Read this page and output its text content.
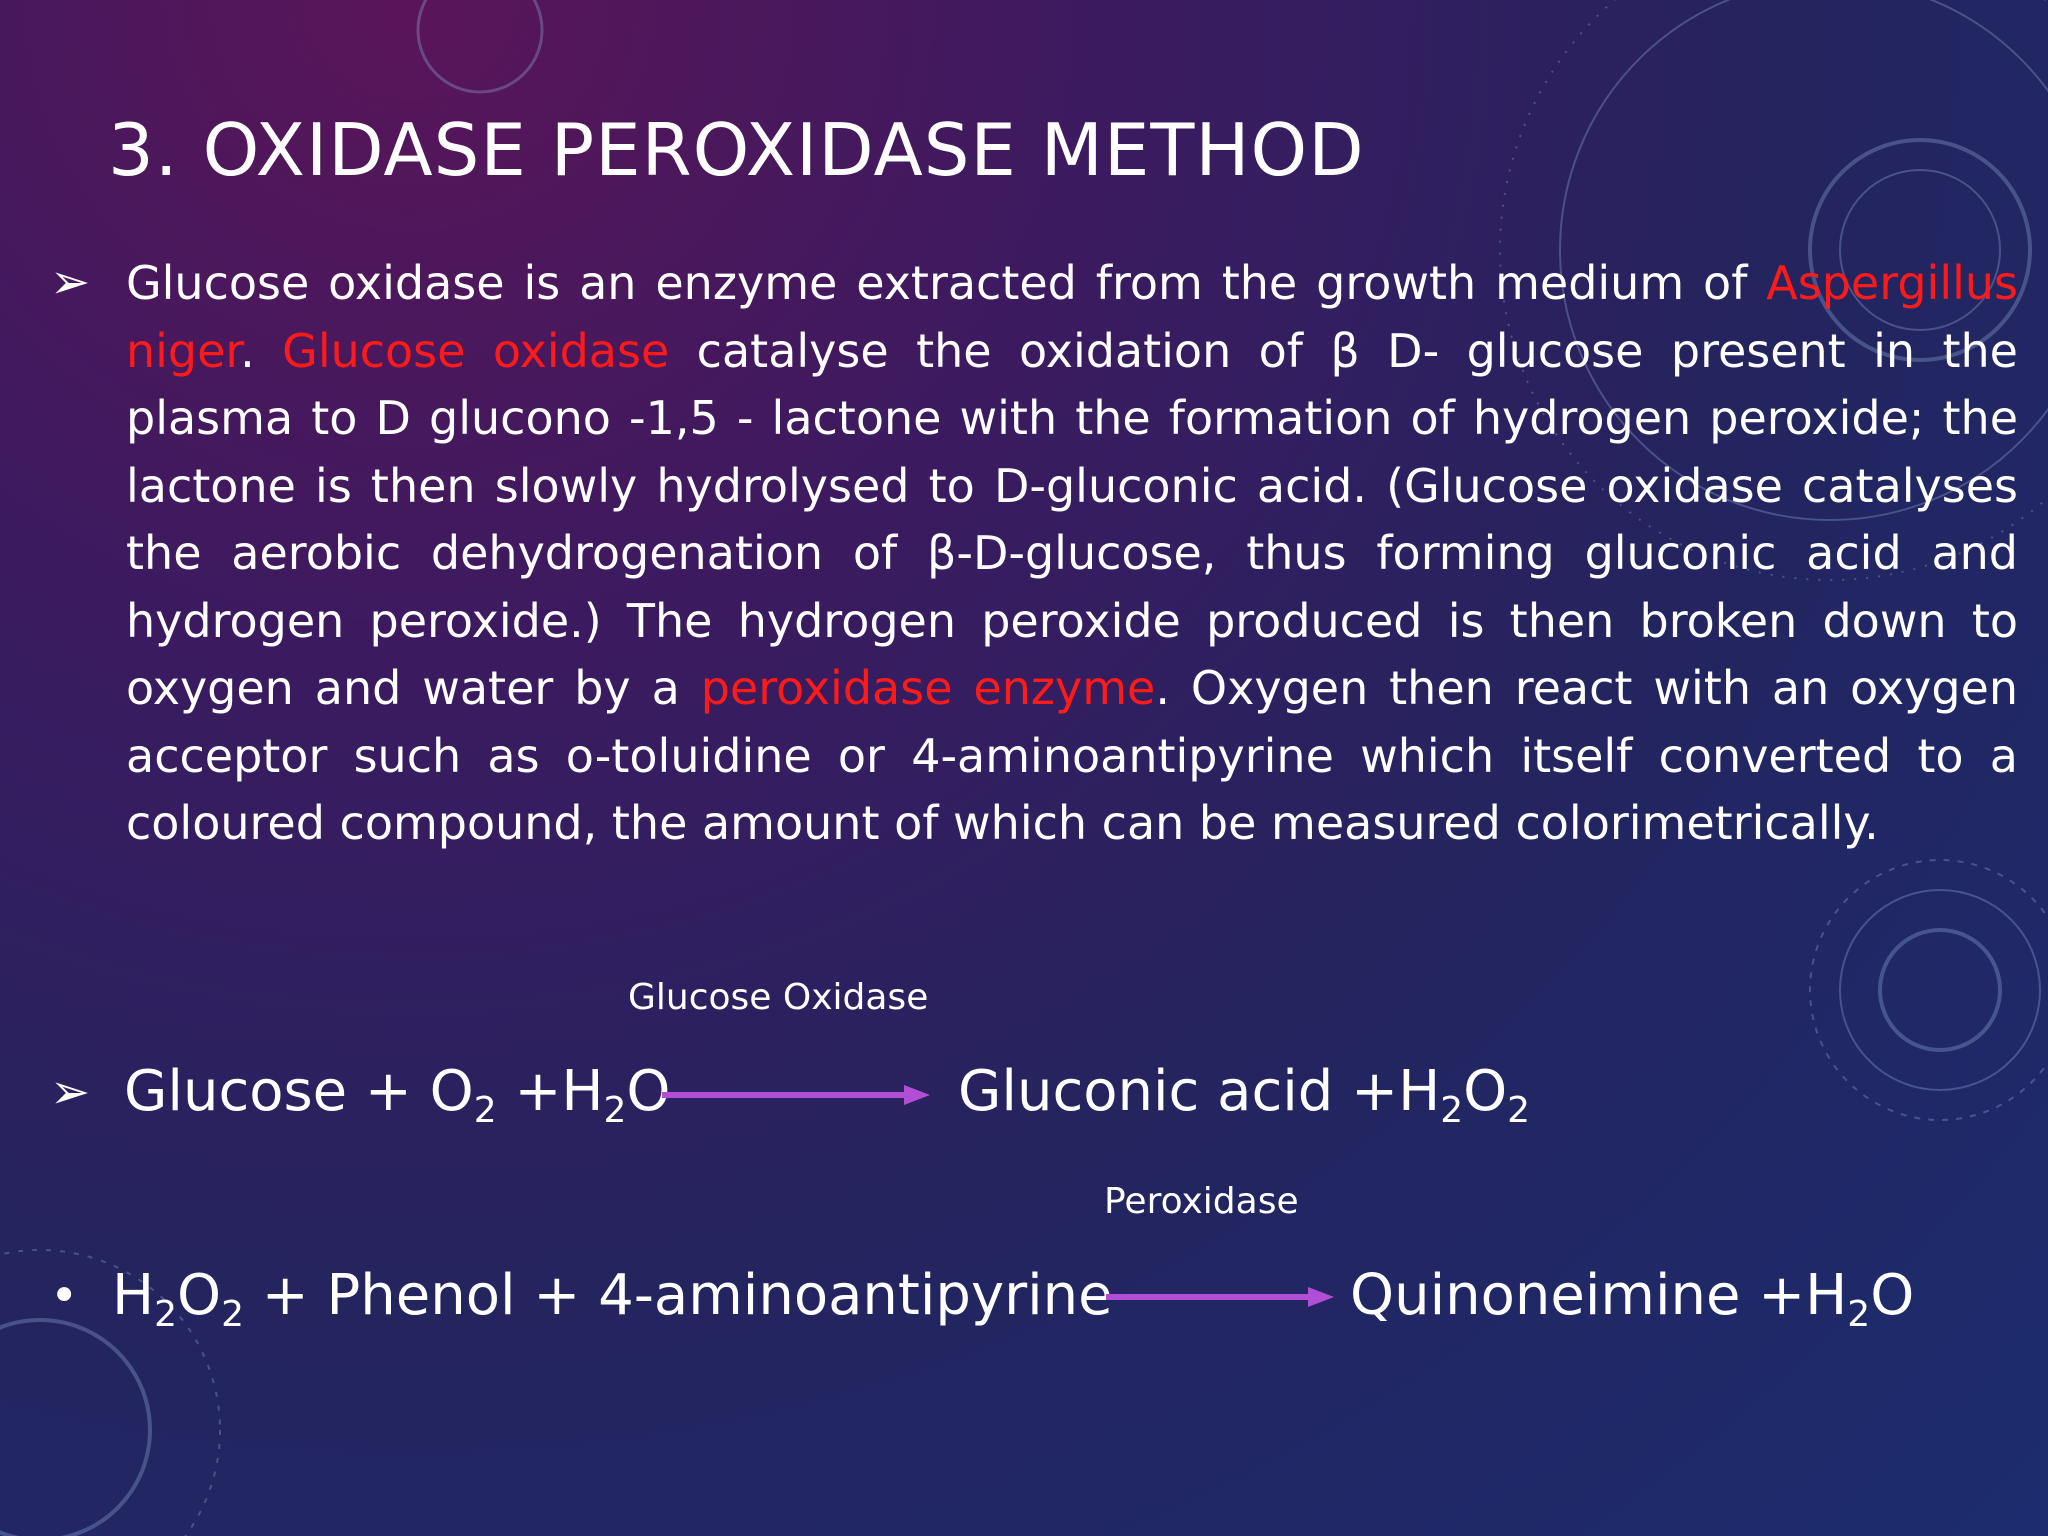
3. OXIDASE PEROXIDASE METHOD
➢ Glucose oxidase is an enzyme extracted from the growth medium of Aspergillus niger. Glucose oxidase catalyse the oxidation of β D- glucose present in the plasma to D glucono -1,5 - lactone with the formation of hydrogen peroxide; the lactone is then slowly hydrolysed to D-gluconic acid. (Glucose oxidase catalyses the aerobic dehydrogenation of β-D-glucose, thus forming gluconic acid and hydrogen peroxide.) The hydrogen peroxide produced is then broken down to oxygen and water by a peroxidase enzyme. Oxygen then react with an oxygen acceptor such as o-toluidine or 4-aminoantipyrine which itself converted to a coloured compound, the amount of which can be measured colorimetrically.
Glucose Oxidase
➢ $Glucose + O_2 +H_2O$	Gluconic acid $+H_2O_2$
Peroxidase
• $H_2O_2$ + Phenol + 4-aminoantipyrine	Quinoneimine $+H_2O$
